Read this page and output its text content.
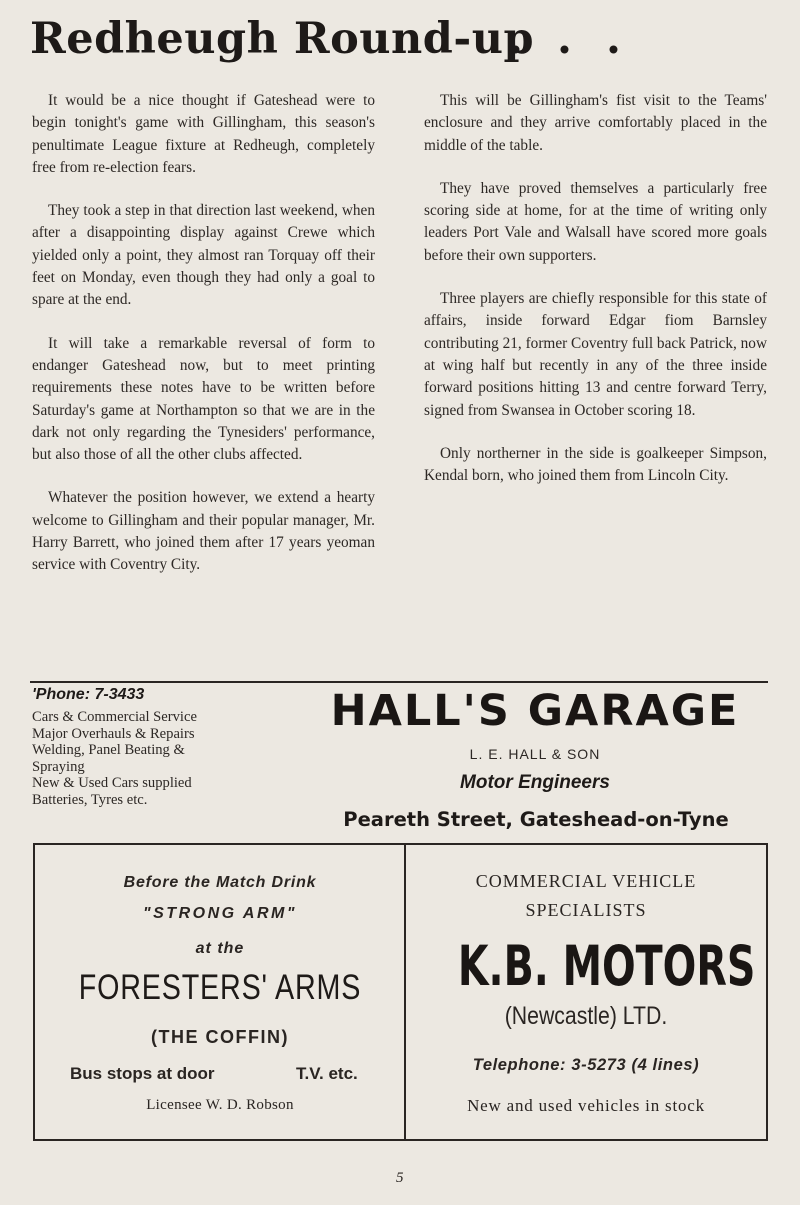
Redheugh Round-up
...

It would be a nice thought if Gateshead were to begin tonight's game with Gillingham, this season's penultimate League fixture at Redheugh, completely free from re-election fears.

They took a step in that direction last weekend, when after a disappointing display against Crewe which yielded only a point, they almost ran Torquay off their feet on Monday, even though they had only a goal to spare at the end.

It will take a remarkable reversal of form to endanger Gateshead now, but to meet printing requirements these notes have to be written before Saturday's game at Northampton so that we are in the dark not only regarding the Tynesiders' performance, but also those of all the other clubs affected.

Whatever the position however, we extend a hearty welcome to Gillingham and their popular manager, Mr. Harry Barrett, who joined them after 17 years yeoman service with Coventry City.

This will be Gillingham's fist visit to the Teams' enclosure and they arrive comfortably placed in the middle of the table.

They have proved themselves a particularly free scoring side at home, for at the time of writing only leaders Port Vale and Walsall have scored more goals before their own supporters.

Three players are chiefly responsible for this state of affairs, inside forward Edgar fiom Barnsley contributing 21, former Coventry full back Patrick, now at wing half but recently in any of the three inside forward positions hitting 13 and centre forward Terry, signed from Swansea in October scoring 18.

Only northerner in the side is goalkeeper Simpson, Kendal born, who joined them from Lincoln City.

'Phone: 7-3433
Cars & Commercial Service
Major Overhauls & Repairs
Welding, Panel Beating &
Spraying
New & Used Cars supplied
Batteries, Tyres etc.
HALL'S GARAGE
L. E. HALL & SON
Motor Engineers
Peareth Street, Gateshead-on-Tyne
Before the Match Drink
"STRONG ARM"
at the
FORESTERS' ARMS
(THE COFFIN)
Bus stops at door	T.V. etc.
Licensee W. D. Robson
COMMERCIAL VEHICLE
SPECIALISTS
K.B. MOTORS
(Newcastle) LTD.
Telephone: 3-5273 (4 lines)
New and used vehicles in stock
5
